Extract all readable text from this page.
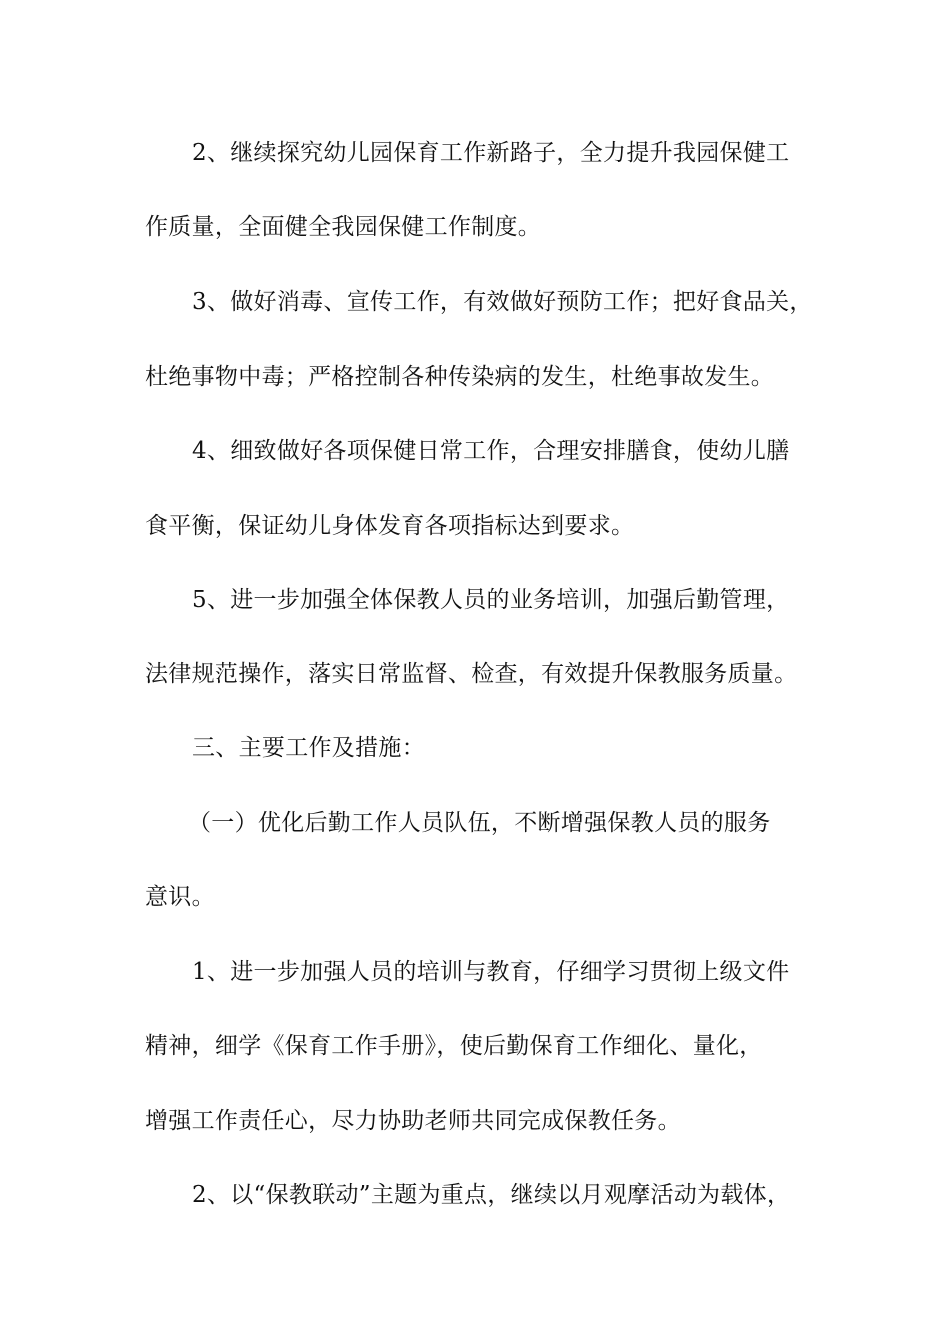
2、继续探究幼儿园保育工作新路子，全力提升我园保健工
作质量，全面健全我园保健工作制度。
3、做好消毒、宣传工作，有效做好预防工作；把好食品关，
杜绝事物中毒；严格控制各种传染病的发生，杜绝事故发生。
4、细致做好各项保健日常工作，合理安排膳食，使幼儿膳
食平衡，保证幼儿身体发育各项指标达到要求。
5、进一步加强全体保教人员的业务培训，加强后勤管理，
法律规范操作，落实日常监督、检查，有效提升保教服务质量。
三、主要工作及措施：
（一）优化后勤工作人员队伍，不断增强保教人员的服务
意识。
1、进一步加强人员的培训与教育，仔细学习贯彻上级文件
精神，细学《保育工作手册》，使后勤保育工作细化、量化，
增强工作责任心，尽力协助老师共同完成保教任务。
2、以“保教联动”主题为重点，继续以月观摩活动为载体，
